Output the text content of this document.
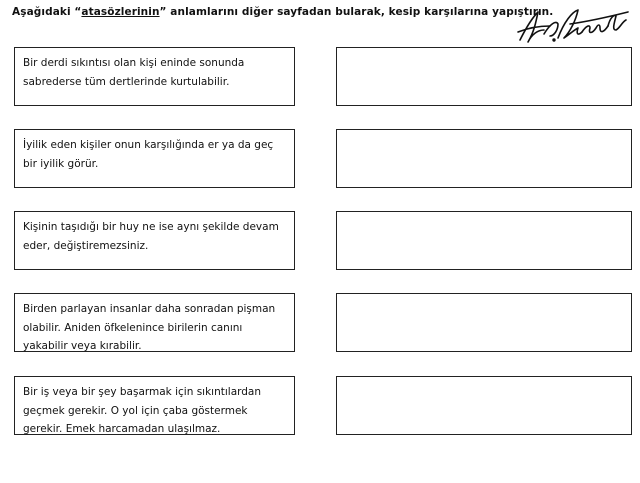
Aşağıdaki “atasözlerinin” anlamlarını diğer sayfadan bularak, kesip karşılarına yapıştırın.
Bir derdi sıkıntısı olan kişi eninde sonunda sabrederse tüm dertlerinde kurtulabilir.
İyilik eden kişiler onun karşılığında er ya da geç bir iyilik görür.
Kişinin taşıdığı bir huy ne ise aynı şekilde devam eder, değiştiremezsiniz.
Birden parlayan insanlar daha sonradan pişman olabilir. Aniden öfkelenince birilerin canını yakabilir veya kırabilir.
Bir iş veya bir şey başarmak için sıkıntılardan geçmek gerekir. O yol için çaba göstermek gerekir. Emek harcamadan ulaşılmaz.
